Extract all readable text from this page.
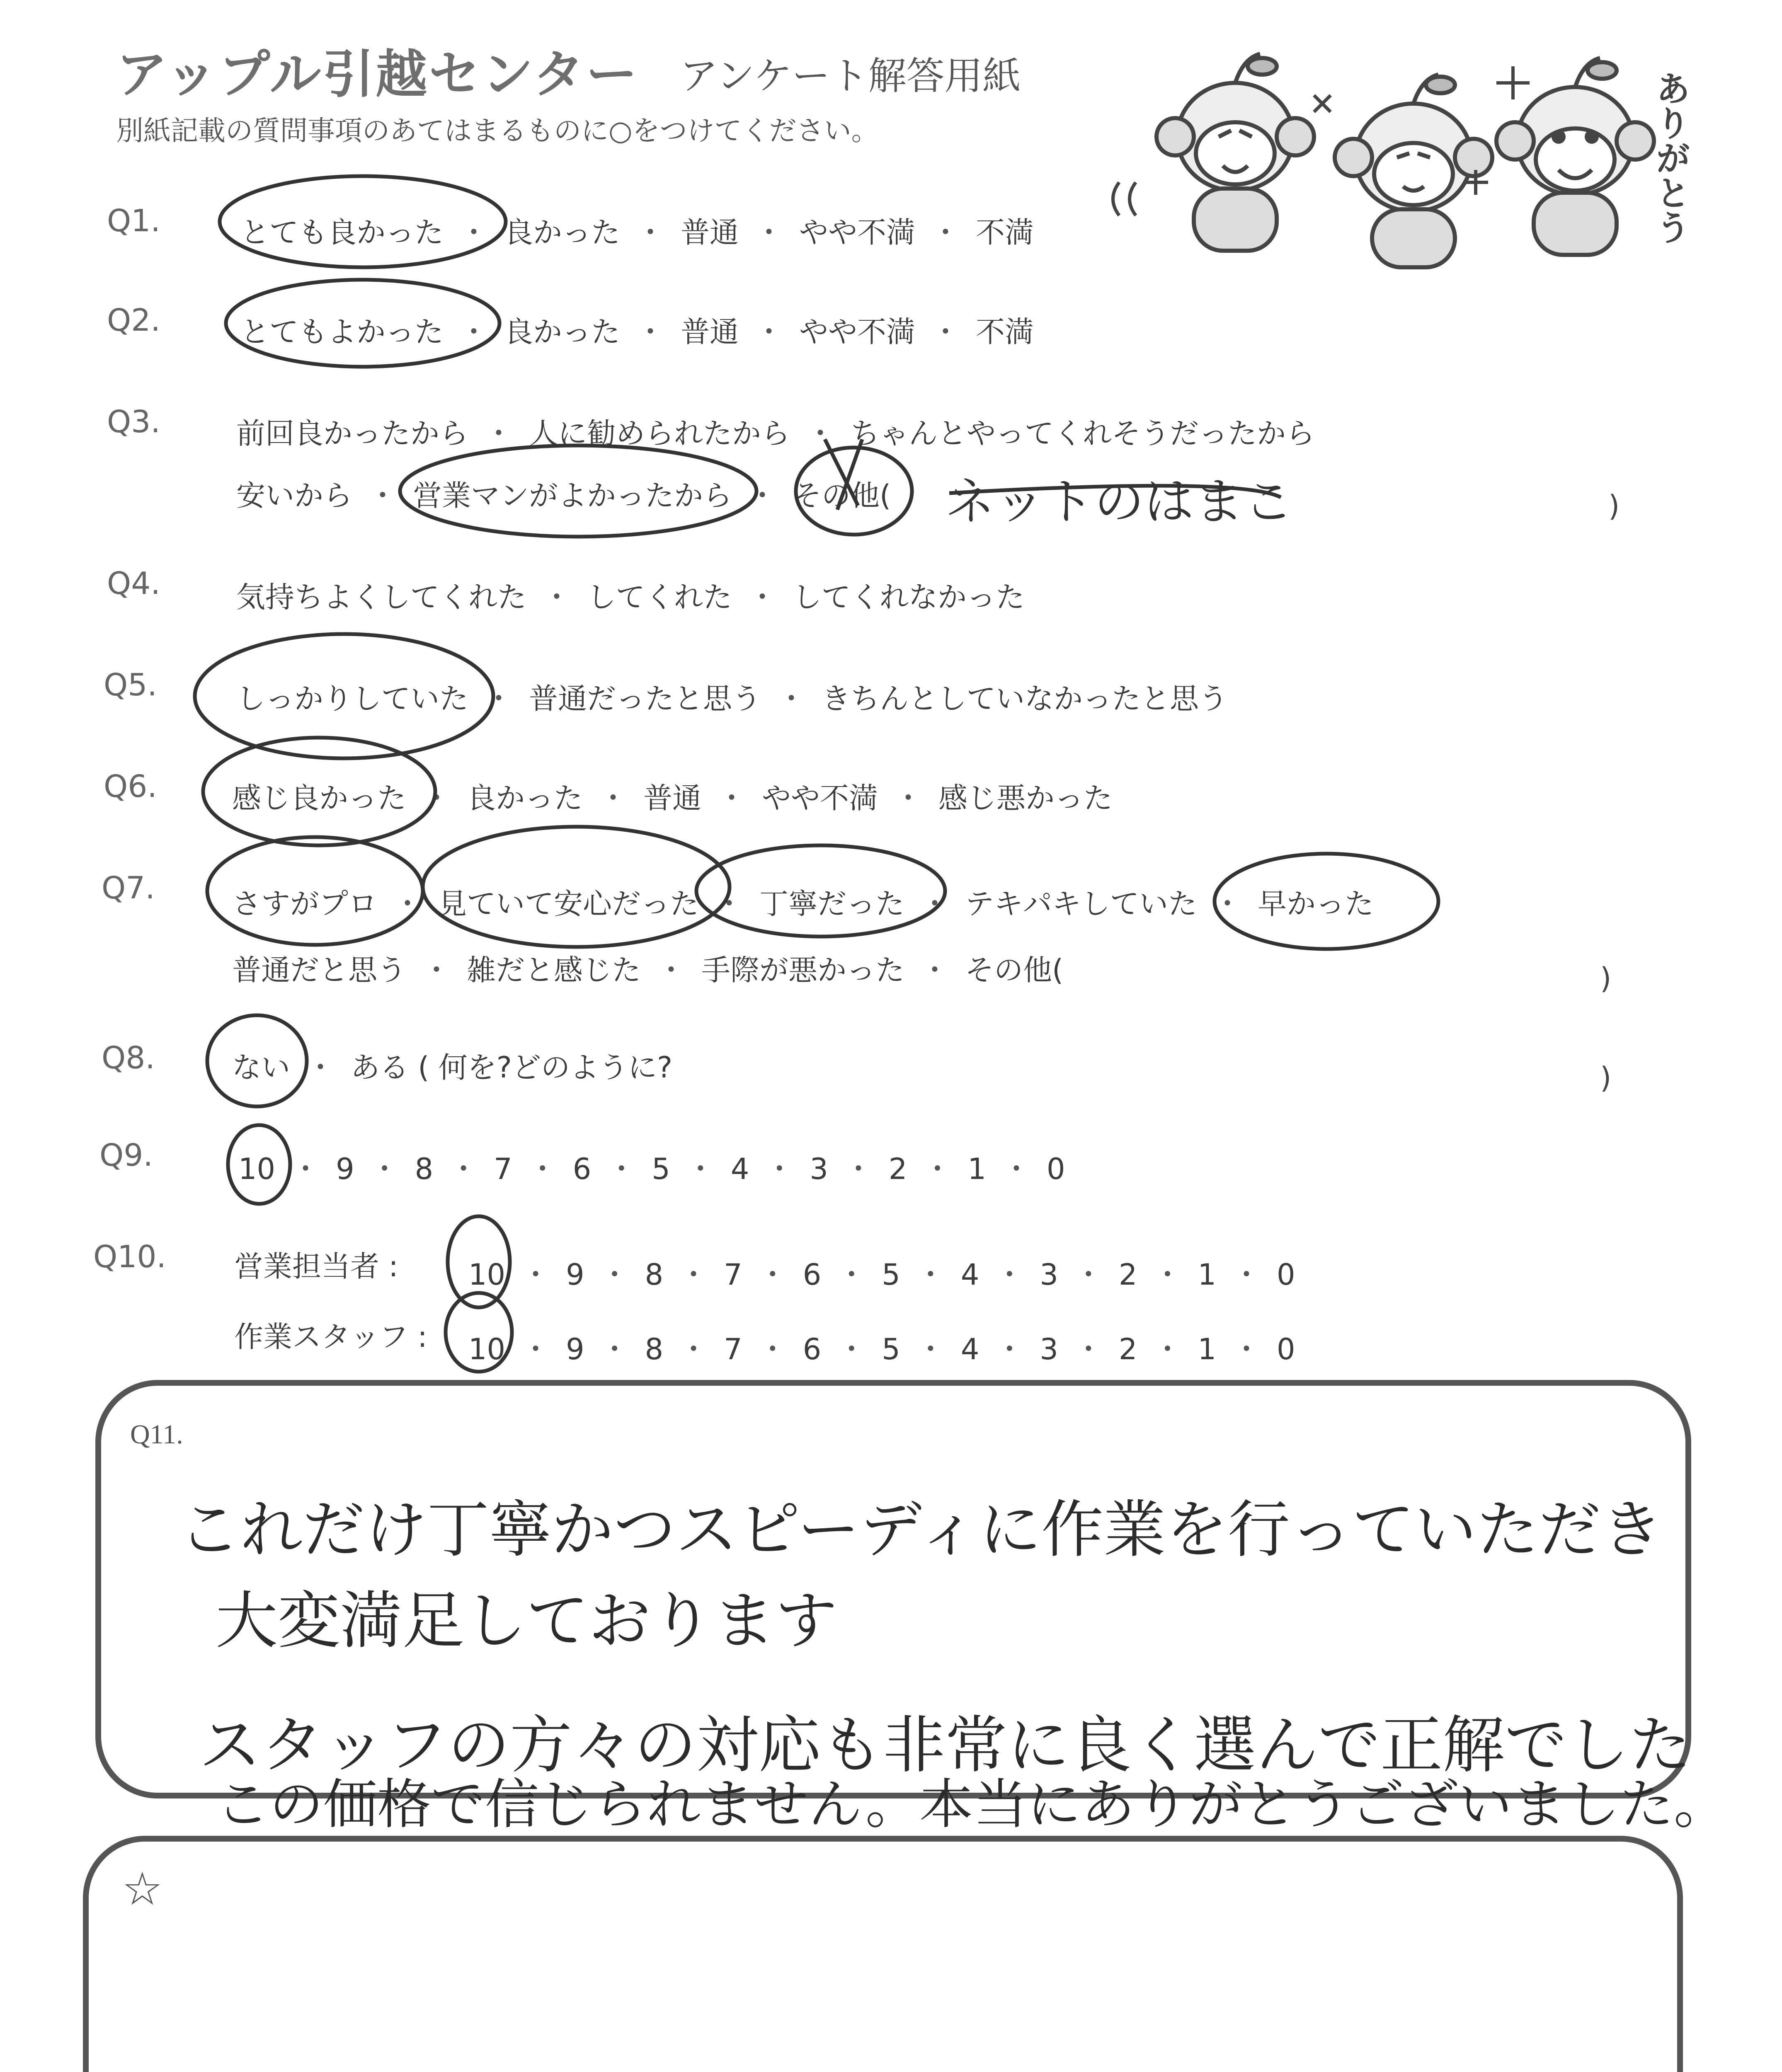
アップル引越センター アンケート解答用紙
別紙記載の質問事項のあてはまるものに○をつけてください。	ありがとう
Q1.	とても良かった ・ 良かった ・ 普通 ・ やや不満 ・ 不満
Q2.	とてもよかった ・ 良かった ・ 普通 ・ やや不満 ・ 不満
Q3.	前回良かったから ・ 人に勧められたから ・ ちゃんとやってくれそうだったから
安いから ・ 営業マンがよかったから ・ その他( ネットのはまこ	)
Q4.	気持ちよくしてくれた ・ してくれた ・ してくれなかった
Q5.	しっかりしていた ・ 普通だったと思う ・ きちんとしていなかったと思う
Q6.	感じ良かった ・ 良かった ・ 普通 ・ やや不満 ・ 感じ悪かった
Q7.	さすがプロ ・ 見ていて安心だった ・ 丁寧だった ・ テキパキしていた ・ 早かった
普通だと思う ・ 雑だと感じた ・ 手際が悪かった ・ その他(	)
Q8.	ない ・ ある ( 何を?どのように?	)
Q9.	10 ・ 9 ・ 8 ・ 7 ・ 6 ・ 5 ・ 4 ・ 3 ・ 2 ・ 1 ・ 0
Q10. 営業担当者 : 10 ・ 9 ・ 8 ・ 7 ・ 6 ・ 5 ・ 4 ・ 3 ・ 2 ・ 1 ・ 0
作業スタッフ : 10 ・ 9 ・ 8 ・ 7 ・ 6 ・ 5 ・ 4 ・ 3 ・ 2 ・ 1 ・ 0
Q11.
これだけ丁寧かつスピーディに作業を行っていただき
大変満足しております
スタッフの方々の対応も非常に良く選んで正解でした
この価格で信じられません。本当にありがとうございました。
☆
